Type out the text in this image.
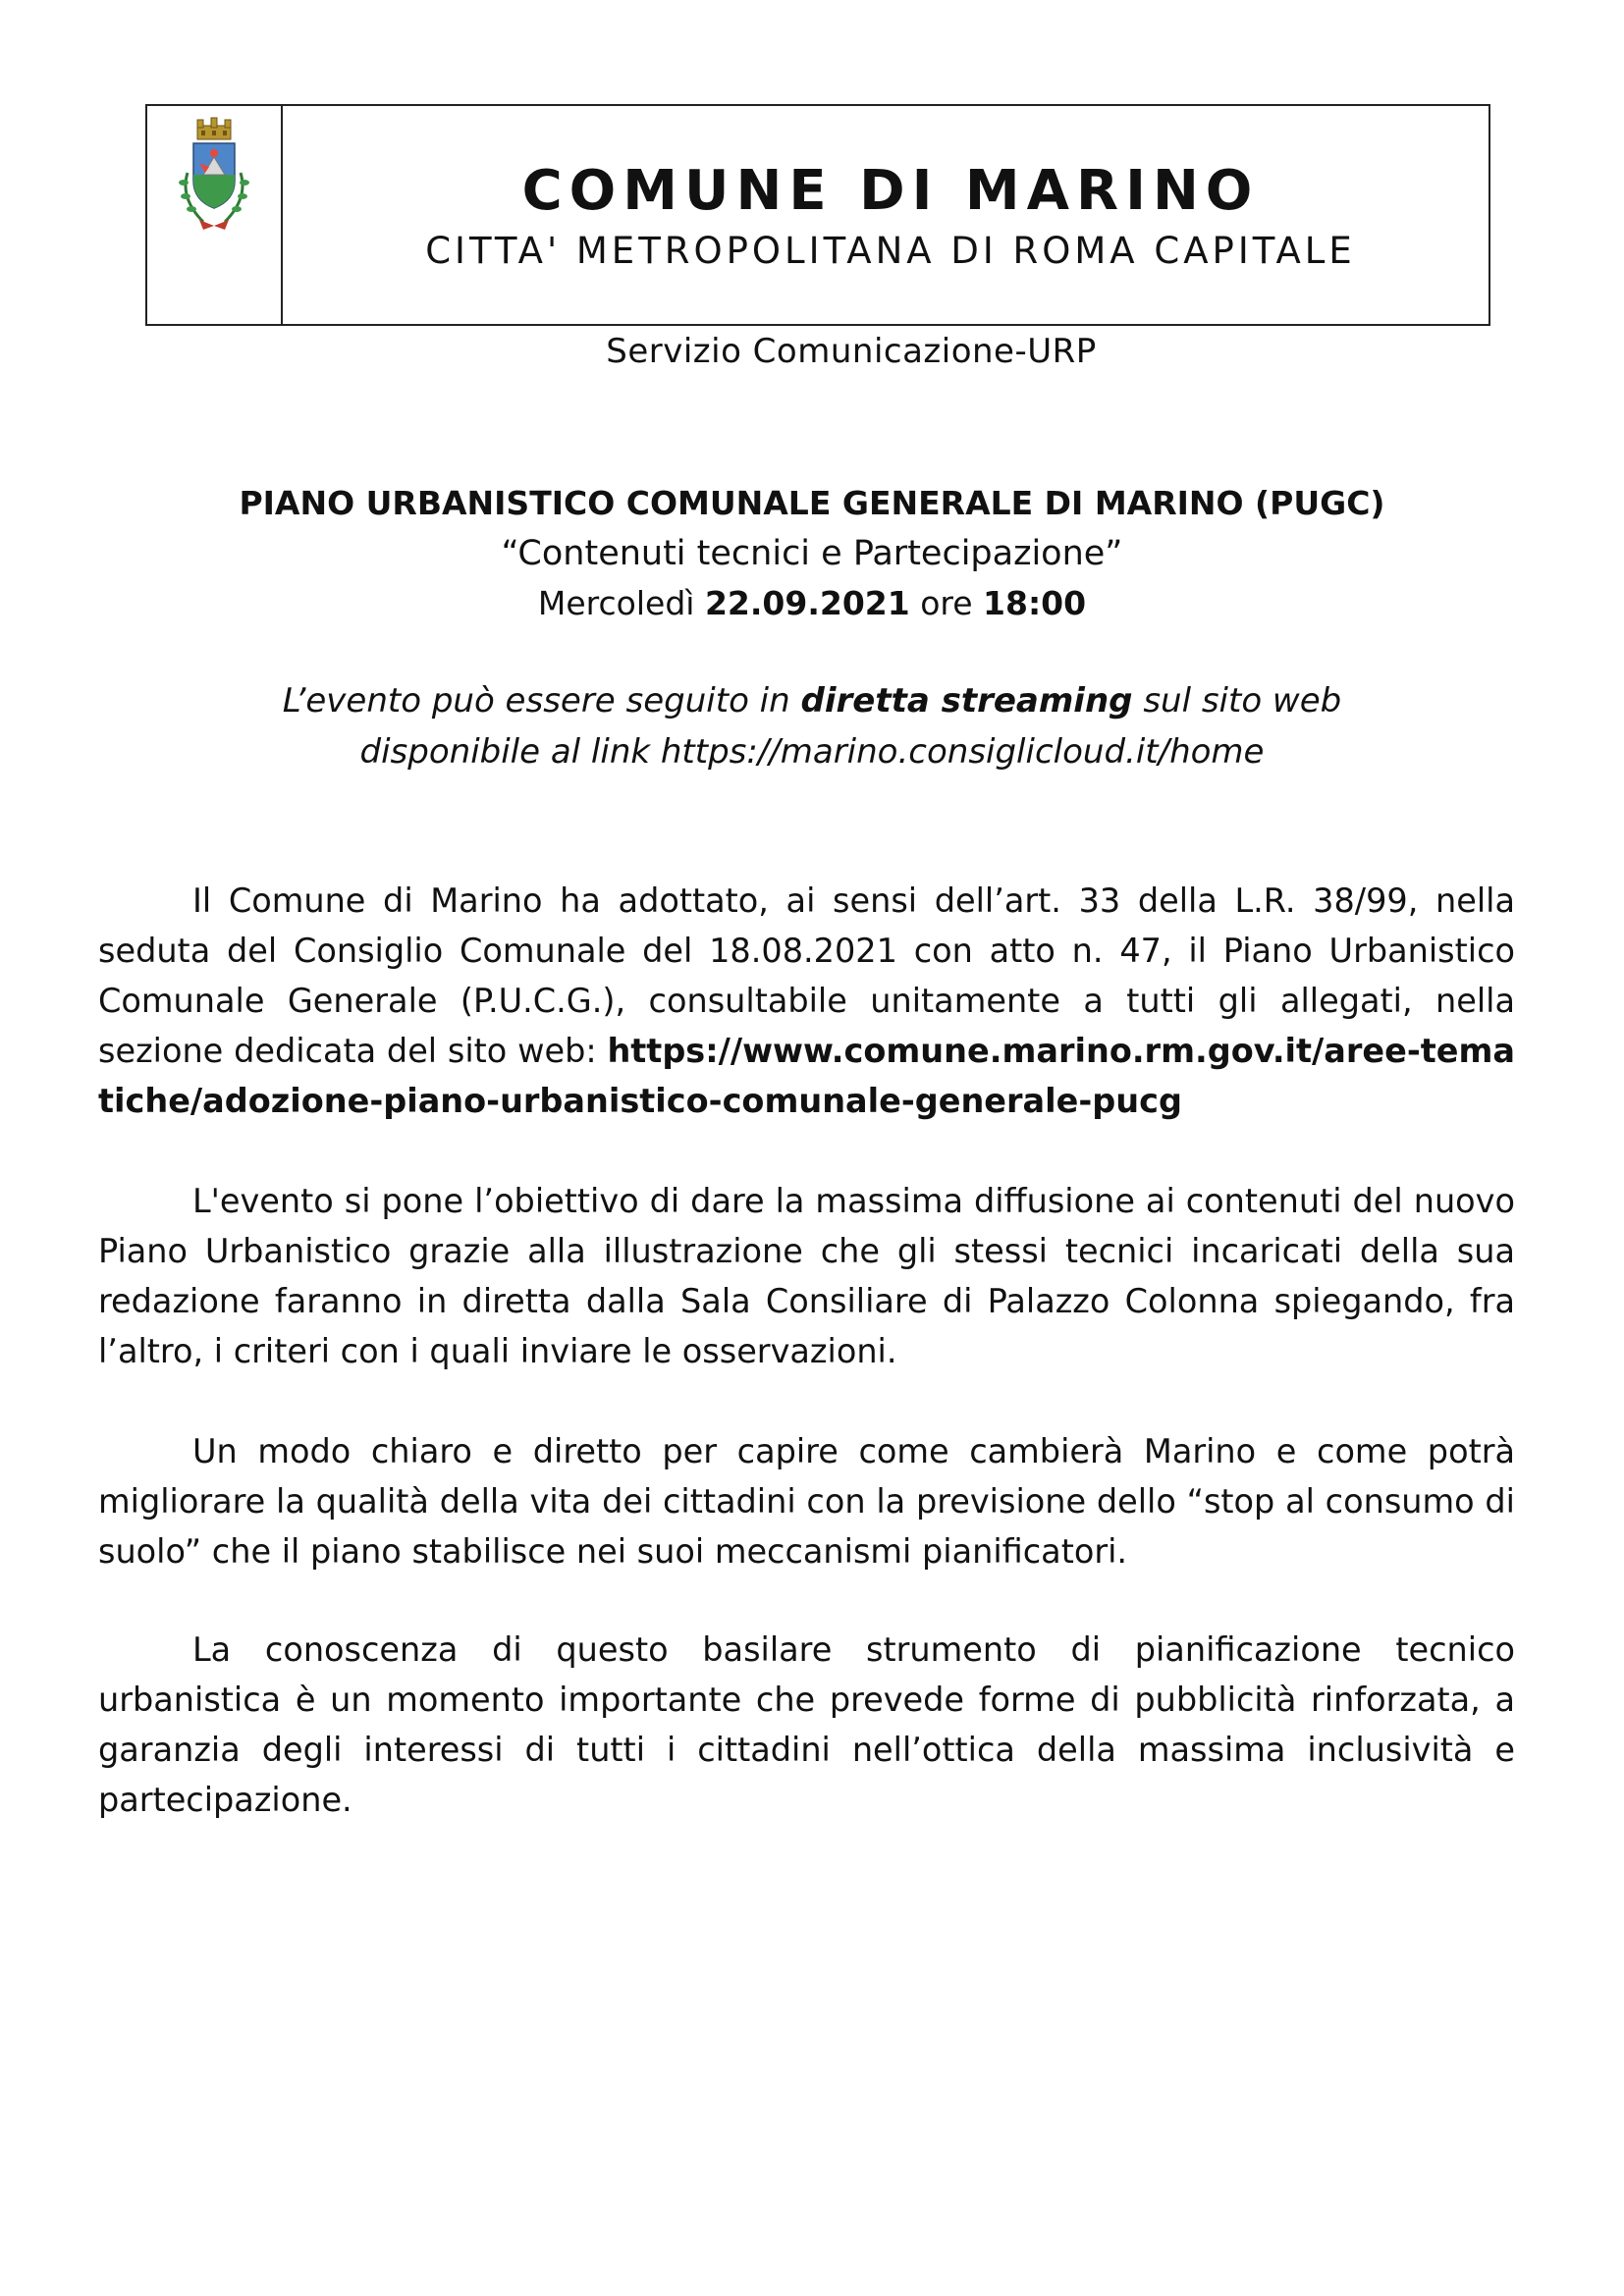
COMUNE DI MARINO
CITTA' METROPOLITANA DI ROMA CAPITALE
Servizio Comunicazione-URP
PIANO URBANISTICO COMUNALE GENERALE DI MARINO (PUGC)
“Contenuti tecnici e Partecipazione”
Mercoledì 22.09.2021 ore 18:00
L’evento può essere seguito in diretta streaming sul sito web
disponibile al link https://marino.consiglicloud.it/home

Il Comune di Marino ha adottato, ai sensi dell’art. 33 della L.R. 38/99, nella seduta del Consiglio Comunale del 18.08.2021 con atto n. 47, il Piano Urbanistico Comunale Generale (P.U.C.G.), consultabile unitamente a tutti gli allegati, nella sezione dedicata del sito web: https://www.comune.marino.rm.gov.it/aree-tematiche/adozione-piano-urbanistico-comunale-generale-pucg

L'evento si pone l’obiettivo di dare la massima diffusione ai contenuti del nuovo Piano Urbanistico grazie alla illustrazione che gli stessi tecnici incaricati della sua redazione faranno in diretta dalla Sala Consiliare di Palazzo Colonna spiegando, fra l’altro, i criteri con i quali inviare le osservazioni.

Un modo chiaro e diretto per capire come cambierà Marino e come potrà migliorare la qualità della vita dei cittadini con la previsione dello “stop al consumo di suolo” che il piano stabilisce nei suoi meccanismi pianificatori.

La conoscenza di questo basilare strumento di pianificazione tecnico urbanistica è un momento importante che prevede forme di pubblicità rinforzata, a garanzia degli interessi di tutti i cittadini nell’ottica della massima inclusività e partecipazione.
